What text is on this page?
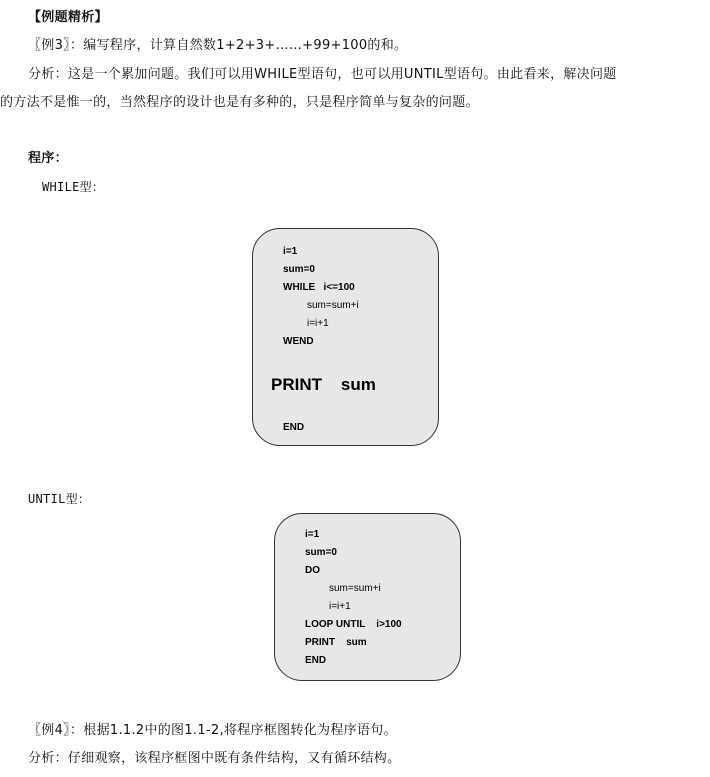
【例题精析】
〖例3〗：编写程序，计算自然数1+2+3+……+99+100的和。
分析：这是一个累加问题。我们可以用WHILE型语句，也可以用UNTIL型语句。由此看来，解决问题
的方法不是惟一的，当然程序的设计也是有多种的，只是程序简单与复杂的问题。
程序：
WHILE型：
i=1
sum=0
WHILE   i<=100
sum=sum+i
i=i+1
WEND
PRINT    sum
END
UNTIL型：
i=1
sum=0
DO
sum=sum+i
i=i+1
LOOP UNTIL    i>100
PRINT    sum
END
〖例4〗：根据1.1.2中的图1.1-2,将程序框图转化为程序语句。
分析：仔细观察，该程序框图中既有条件结构，又有循环结构。
